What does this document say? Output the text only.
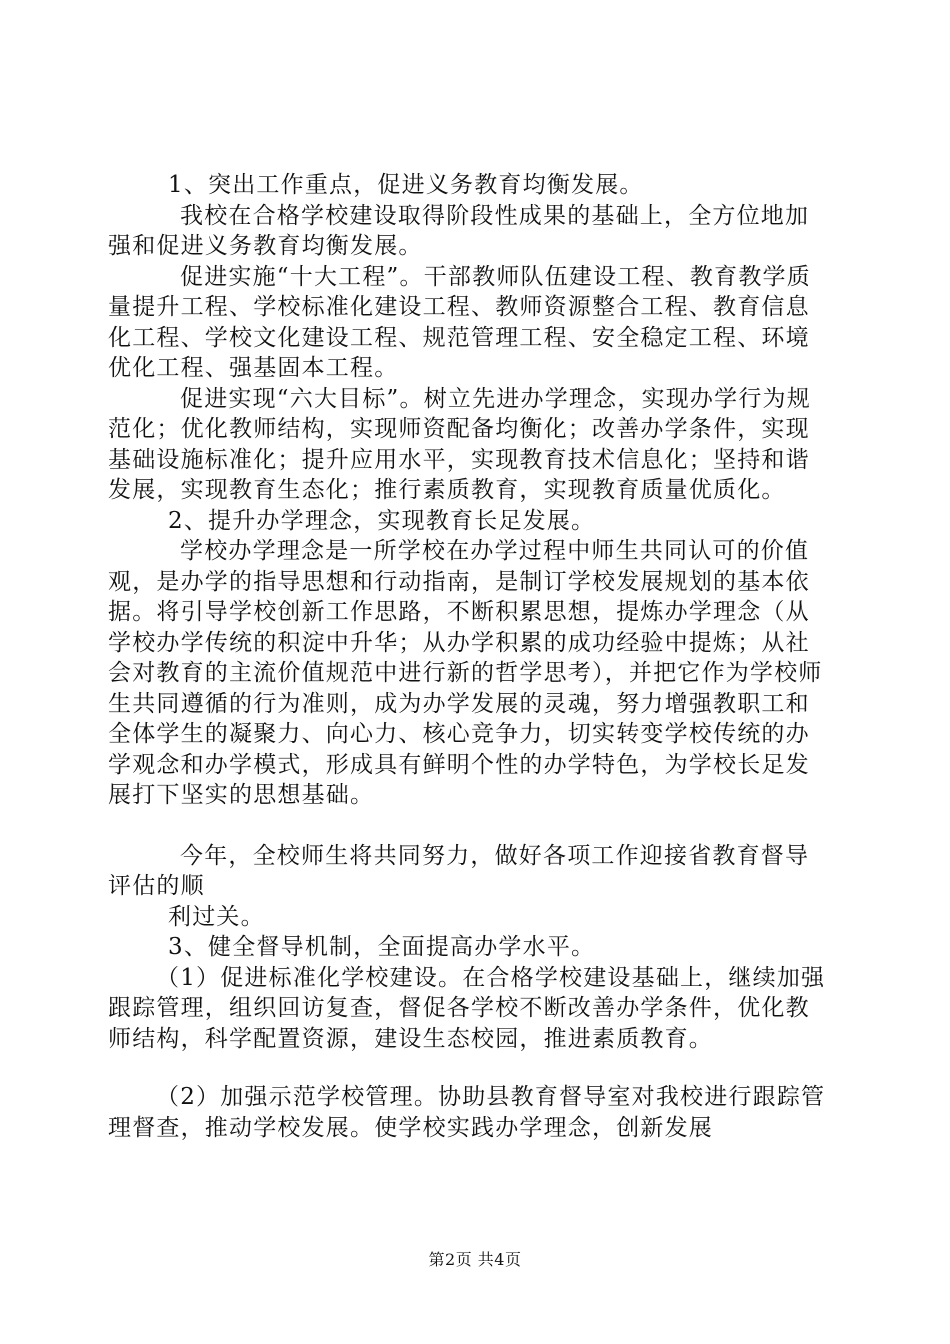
1、突出工作重点，促进义务教育均衡发展。

我校在合格学校建设取得阶段性成果的基础上，全方位地加强和促进义务教育均衡发展。

促进实施“十大工程”。干部教师队伍建设工程、教育教学质量提升工程、学校标准化建设工程、教师资源整合工程、教育信息化工程、学校文化建设工程、规范管理工程、安全稳定工程、环境优化工程、强基固本工程。

促进实现“六大目标”。树立先进办学理念，实现办学行为规范化；优化教师结构，实现师资配备均衡化；改善办学条件，实现基础设施标准化；提升应用水平，实现教育技术信息化；坚持和谐发展，实现教育生态化；推行素质教育，实现教育质量优质化。

2、提升办学理念，实现教育长足发展。

学校办学理念是一所学校在办学过程中师生共同认可的价值观，是办学的指导思想和行动指南，是制订学校发展规划的基本依据。将引导学校创新工作思路，不断积累思想，提炼办学理念（从学校办学传统的积淀中升华；从办学积累的成功经验中提炼；从社会对教育的主流价值规范中进行新的哲学思考），并把它作为学校师生共同遵循的行为准则，成为办学发展的灵魂，努力增强教职工和全体学生的凝聚力、向心力、核心竞争力，切实转变学校传统的办学观念和办学模式，形成具有鲜明个性的办学特色，为学校长足发展打下坚实的思想基础。

今年，全校师生将共同努力，做好各项工作迎接省教育督导评估的顺

利过关。

3、健全督导机制，全面提高办学水平。

（1）促进标准化学校建设。在合格学校建设基础上，继续加强跟踪管理，组织回访复查，督促各学校不断改善办学条件，优化教师结构，科学配置资源，建设生态校园，推进素质教育。

（2）加强示范学校管理。协助县教育督导室对我校进行跟踪管理督查，推动学校发展。使学校实践办学理念，创新发展

第2页 共4页
